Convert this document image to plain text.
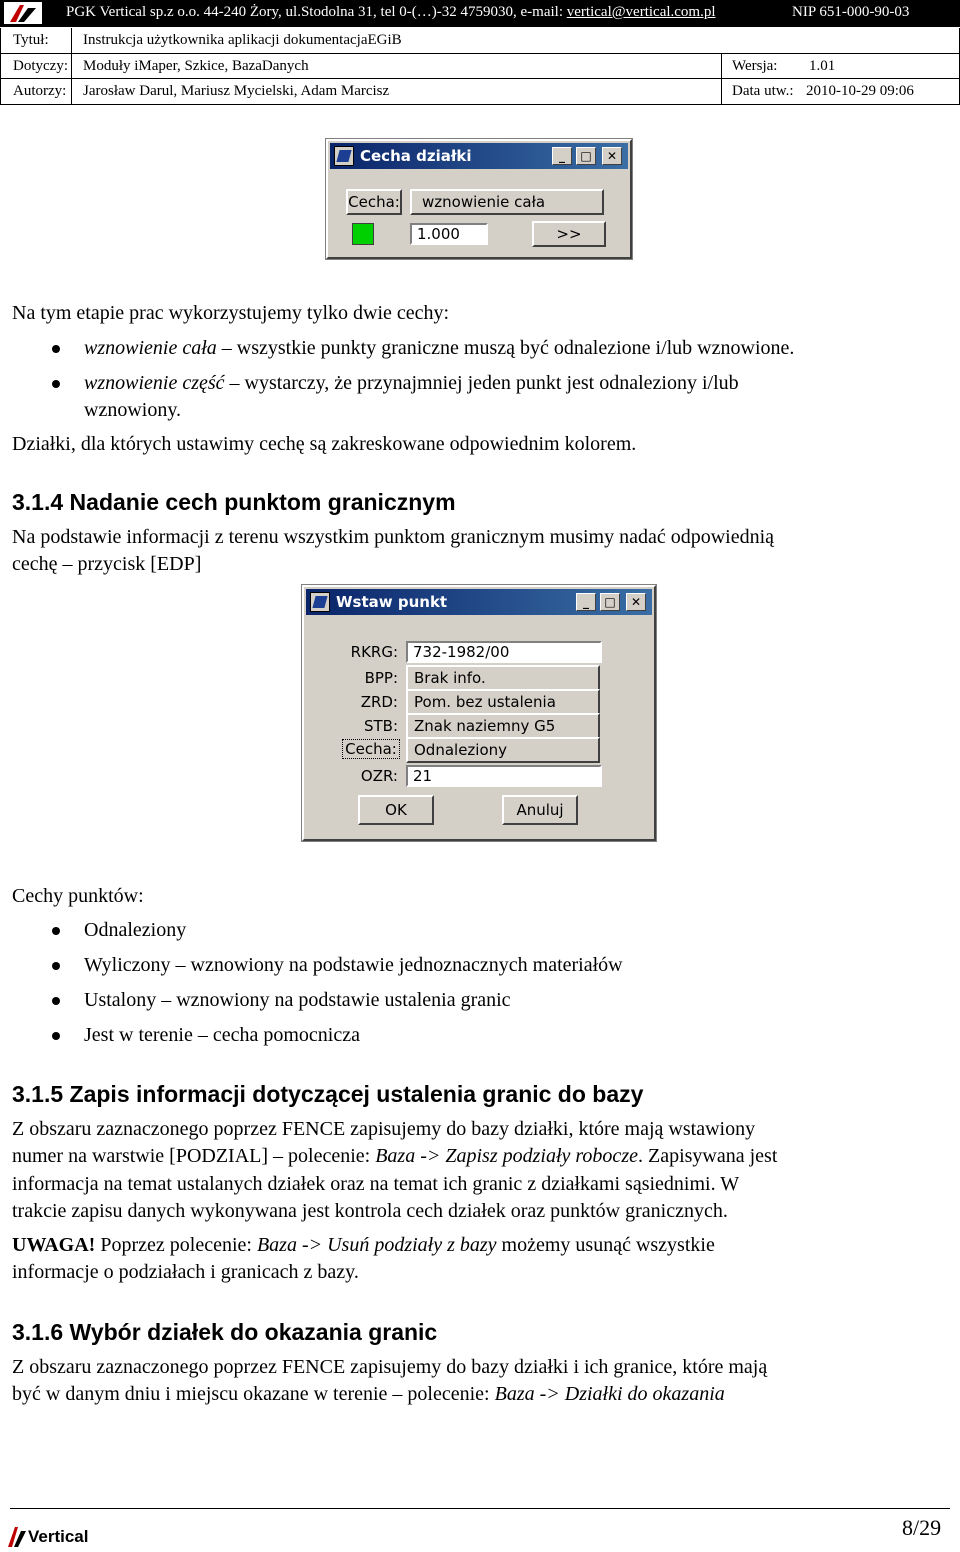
PGK Vertical sp.z o.o. 44-240 Żory, ul.Stodolna 31, tel 0-(…)-32 4759030, e-mail: vertical@vertical.com.pl	NIP 651-000-90-03
Tytuł: Instrukcja użytkownika aplikacji dokumentacjaEGiB
Dotyczy: Moduły iMaper, Szkice, BazaDanych	Wersja: 1.01
Autorzy: Jarosław Darul, Mariusz Mycielski, Adam Marcisz	Data utw.: 2010-10-29 09:06
Cecha działki	_	□	✕
Cecha:	wznowienie cała
1.000	>>
Na tym etapie prac wykorzystujemy tylko dwie cechy:
wznowienie cała – wszystkie punkty graniczne muszą być odnalezione i/lub wznowione.
wznowienie część – wystarczy, że przynajmniej jeden punkt jest odnaleziony i/lub
wznowiony.
Działki, dla których ustawimy cechę są zakreskowane odpowiednim kolorem.
3.1.4 Nadanie cech punktom granicznym
Na podstawie informacji z terenu wszystkim punktom granicznym musimy nadać odpowiednią
cechę – przycisk [EDP]
Wstaw punkt	_	□	✕
RKRG:	732-1982/00
BPP:	Brak info.
ZRD:	Pom. bez ustalenia
STB:	Znak naziemny G5
Cecha:	Odnaleziony
OZR:	21
OK	Anuluj
Cechy punktów:
Odnaleziony
Wyliczony – wznowiony na podstawie jednoznacznych materiałów
Ustalony – wznowiony na podstawie ustalenia granic
Jest w terenie – cecha pomocnicza
3.1.5 Zapis informacji dotyczącej ustalenia granic do bazy
Z obszaru zaznaczonego poprzez FENCE zapisujemy do bazy działki, które mają wstawiony
numer na warstwie [PODZIAL] – polecenie: Baza -> Zapisz podziały robocze. Zapisywana jest
informacja na temat ustalanych działek oraz na temat ich granic z działkami sąsiednimi. W
trakcie zapisu danych wykonywana jest kontrola cech działek oraz punktów granicznych.
UWAGA! Poprzez polecenie: Baza -> Usuń podziały z bazy możemy usunąć wszystkie
informacje o podziałach i granicach z bazy.
3.1.6 Wybór działek do okazania granic
Z obszaru zaznaczonego poprzez FENCE zapisujemy do bazy działki i ich granice, które mają
być w danym dniu i miejscu okazane w terenie – polecenie: Baza -> Działki do okazania
Vertical	8/29
